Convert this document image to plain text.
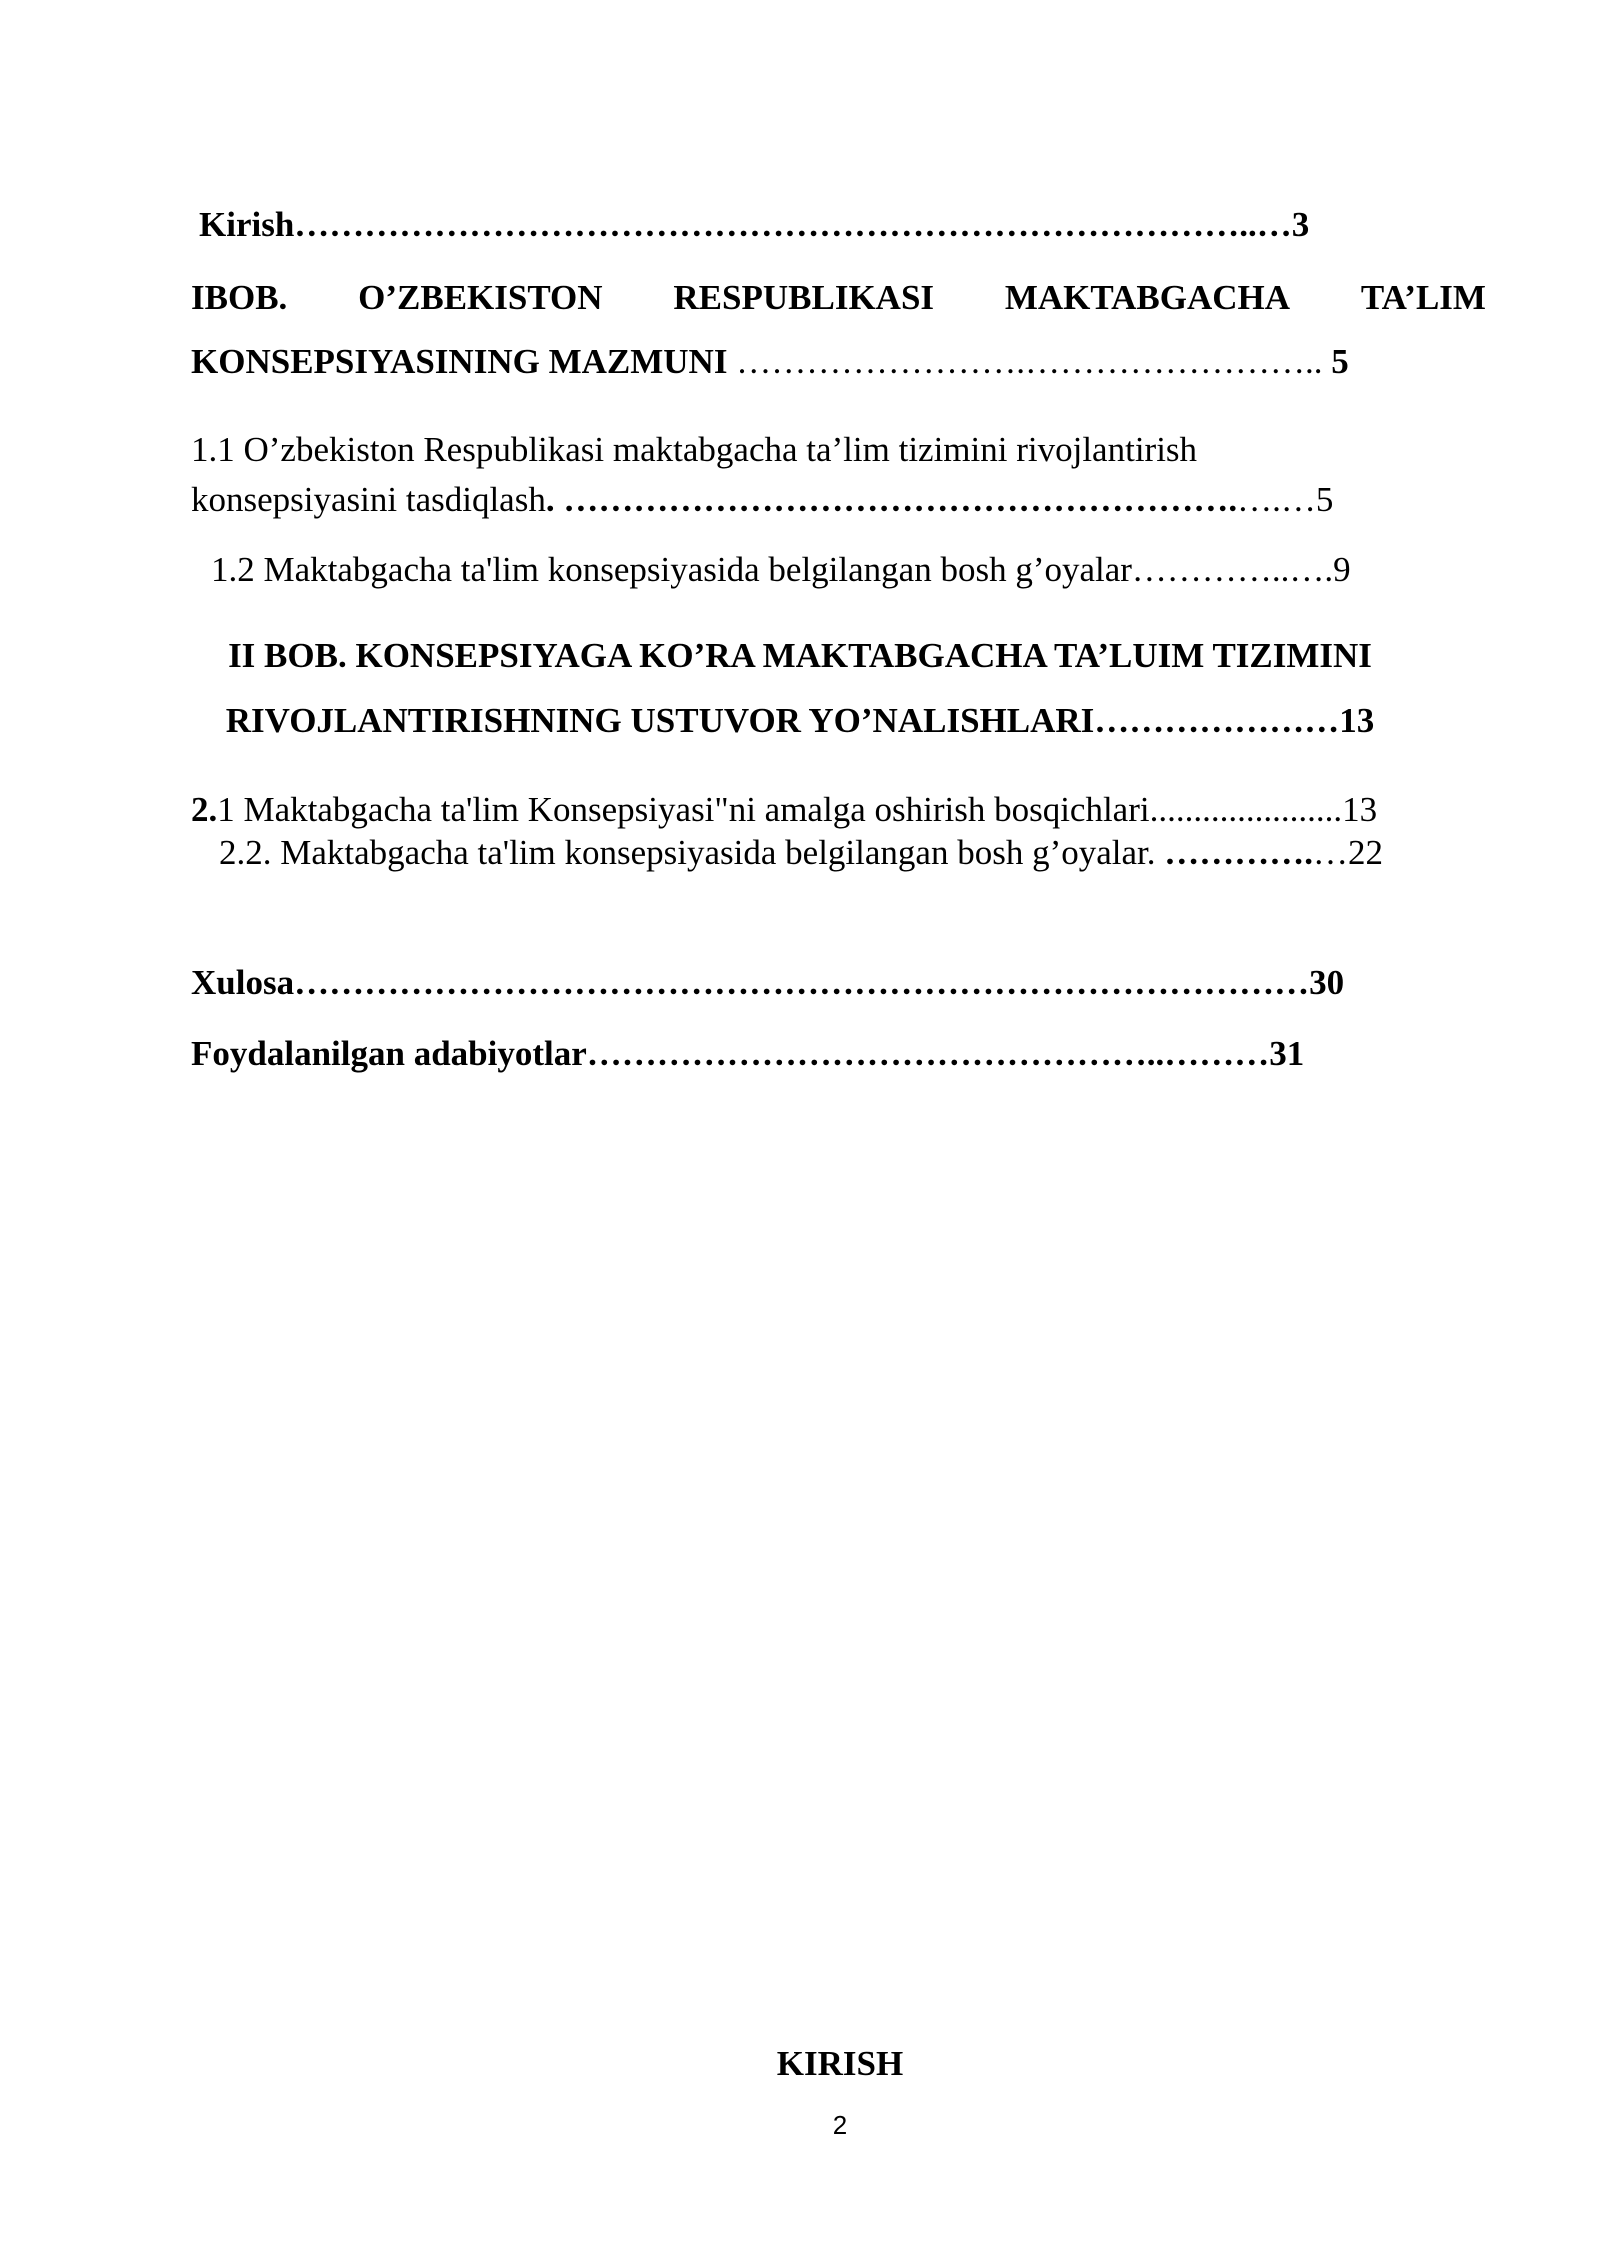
Kirish………………………………………………………………………..…3
IBOB. O’ZBEKISTON RESPUBLIKASI MAKTABGACHA TA’LIM
KONSEPSIYASINING MAZMUNI …………………….…………………….. 5
1.1 O’zbekiston Respublikasi maktabgacha ta’lim tizimini rivojlantirish
konsepsiyasini tasdiqlash. ………………………………………………….….…5
1.2 Maktabgacha ta'lim konsepsiyasida belgilangan bosh g’oyalar…………..….9
II BOB. KONSEPSIYAGA KO’RA MAKTABGACHA TA’LUIM TIZIMINI
RIVOJLANTIRISHNING USTUVOR YO’NALISHLARI…………………13
2.1 Maktabgacha ta'lim Konsepsiyasi"ni amalga oshirish bosqichlari......................13
2.2. Maktabgacha ta'lim konsepsiyasida belgilangan bosh g’oyalar. ………….…22
Xulosa……………………………………………………………………………30
Foydalanilgan adabiyotlar…………………………………………..………31
KIRISH
2
